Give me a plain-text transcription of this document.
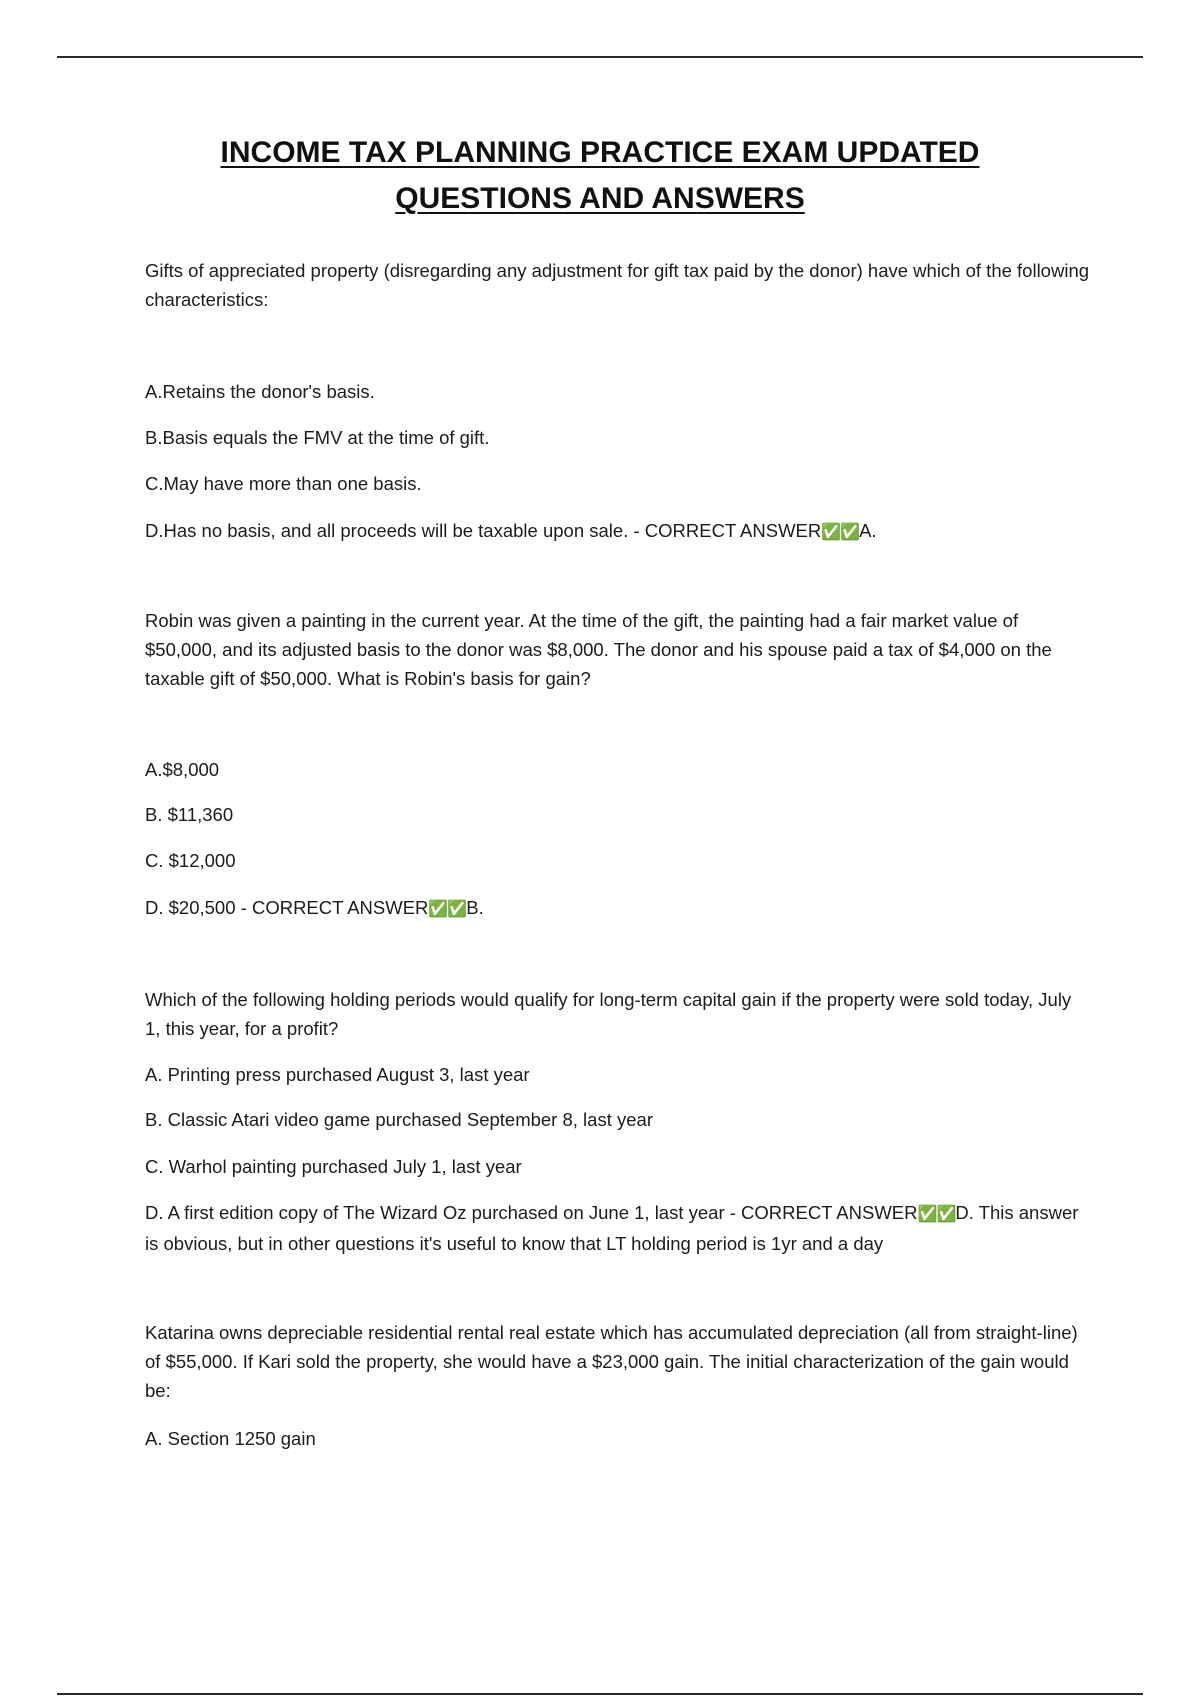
INCOME TAX PLANNING PRACTICE EXAM UPDATED
QUESTIONS AND ANSWERS
Gifts of appreciated property (disregarding any adjustment for gift tax paid by the donor) have which of the following characteristics:
A.Retains the donor's basis.
B.Basis equals the FMV at the time of gift.
C.May have more than one basis.
D.Has no basis, and all proceeds will be taxable upon sale. - CORRECT ANSWER✅✅A.
Robin was given a painting in the current year. At the time of the gift, the painting had a fair market value of $50,000, and its adjusted basis to the donor was $8,000. The donor and his spouse paid a tax of $4,000 on the taxable gift of $50,000. What is Robin's basis for gain?
A.$8,000
B. $11,360
C. $12,000
D. $20,500 - CORRECT ANSWER✅✅B.
Which of the following holding periods would qualify for long-term capital gain if the property were sold today, July 1, this year, for a profit?
A. Printing press purchased August 3, last year
B. Classic Atari video game purchased September 8, last year
C. Warhol painting purchased July 1, last year
D. A first edition copy of The Wizard Oz purchased on June 1, last year - CORRECT ANSWER✅✅D. This answer is obvious, but in other questions it's useful to know that LT holding period is 1yr and a day
Katarina owns depreciable residential rental real estate which has accumulated depreciation (all from straight-line) of $55,000. If Kari sold the property, she would have a $23,000 gain. The initial characterization of the gain would be:
A. Section 1250 gain
